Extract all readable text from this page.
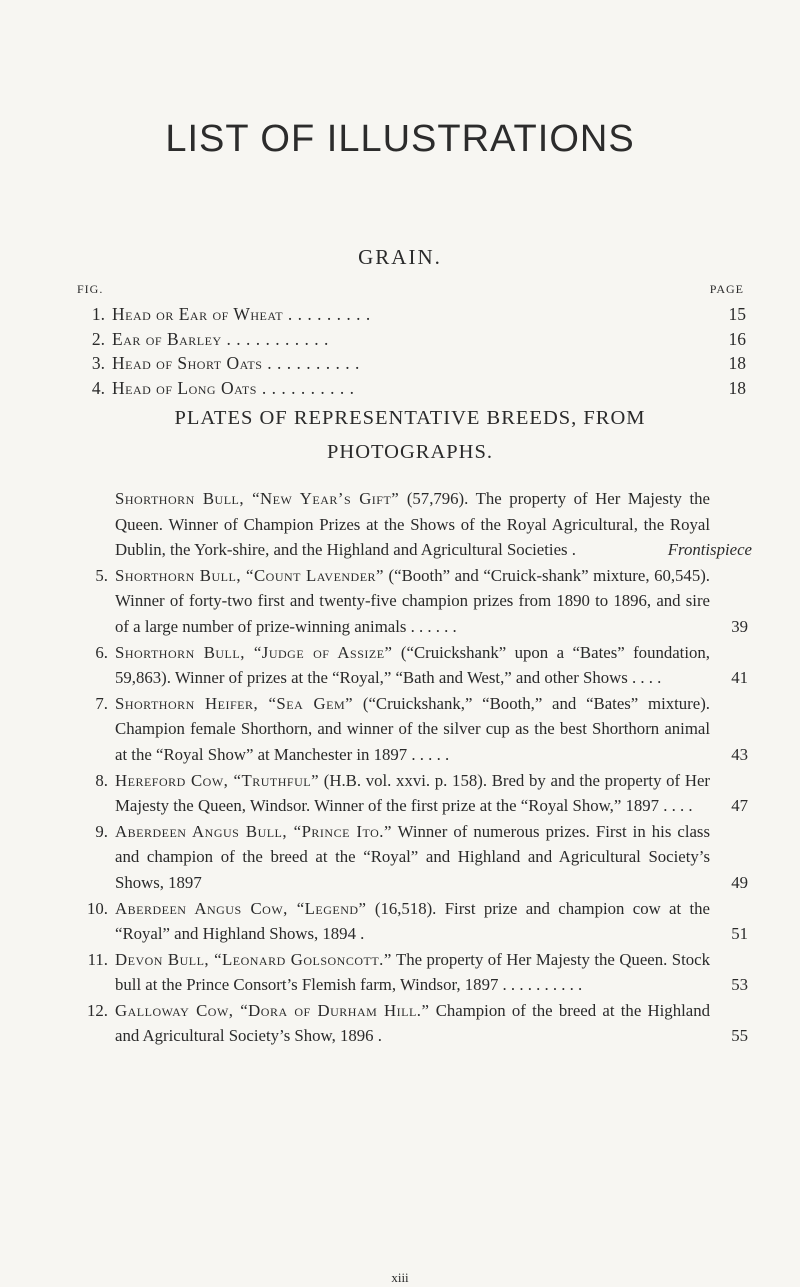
LIST OF ILLUSTRATIONS
GRAIN.
FIG.	PAGE
1. Head or Ear of Wheat . . . . . . . . .	15
2. Ear of Barley . . . . . . . . . . .	16
3. Head of Short Oats . . . . . . . . . .	18
4. Head of Long Oats . . . . . . . . . .	18
PLATES OF REPRESENTATIVE BREEDS, FROM
PHOTOGRAPHS.
Shorthorn Bull, “New Year’s Gift” (57,796). The property of Her Majesty the Queen. Winner of Champion Prizes at the Shows of the Royal Agricultural, the Royal Dublin, the York-shire, and the Highland and Agricultural Societies .	Frontispiece
5. Shorthorn Bull, “Count Lavender” (“Booth” and “Cruick-shank” mixture, 60,545). Winner of forty-two first and twenty-five champion prizes from 1890 to 1896, and sire of a large number of prize-winning animals . . . . . .	39
6. Shorthorn Bull, “Judge of Assize” (“Cruickshank” upon a “Bates” foundation, 59,863). Winner of prizes at the “Royal,” “Bath and West,” and other Shows . . . .	41
7. Shorthorn Heifer, “Sea Gem” (“Cruickshank,” “Booth,” and “Bates” mixture). Champion female Shorthorn, and winner of the silver cup as the best Shorthorn animal at the “Royal Show” at Manchester in 1897 . . . . .	43
8. Hereford Cow, “Truthful” (H.B. vol. xxvi. p. 158). Bred by and the property of Her Majesty the Queen, Windsor. Winner of the first prize at the “Royal Show,” 1897 . . . .	47
9. Aberdeen Angus Bull, “Prince Ito.” Winner of numerous prizes. First in his class and champion of the breed at the “Royal” and Highland and Agricultural Society’s Shows, 1897	49
10. Aberdeen Angus Cow, “Legend” (16,518). First prize and champion cow at the “Royal” and Highland Shows, 1894 .	51
11. Devon Bull, “Leonard Golsoncott.” The property of Her Majesty the Queen. Stock bull at the Prince Consort’s Flemish farm, Windsor, 1897 . . . . . . . . . .	53
12. Galloway Cow, “Dora of Durham Hill.” Champion of the breed at the Highland and Agricultural Society’s Show, 1896 .	55
xiii
